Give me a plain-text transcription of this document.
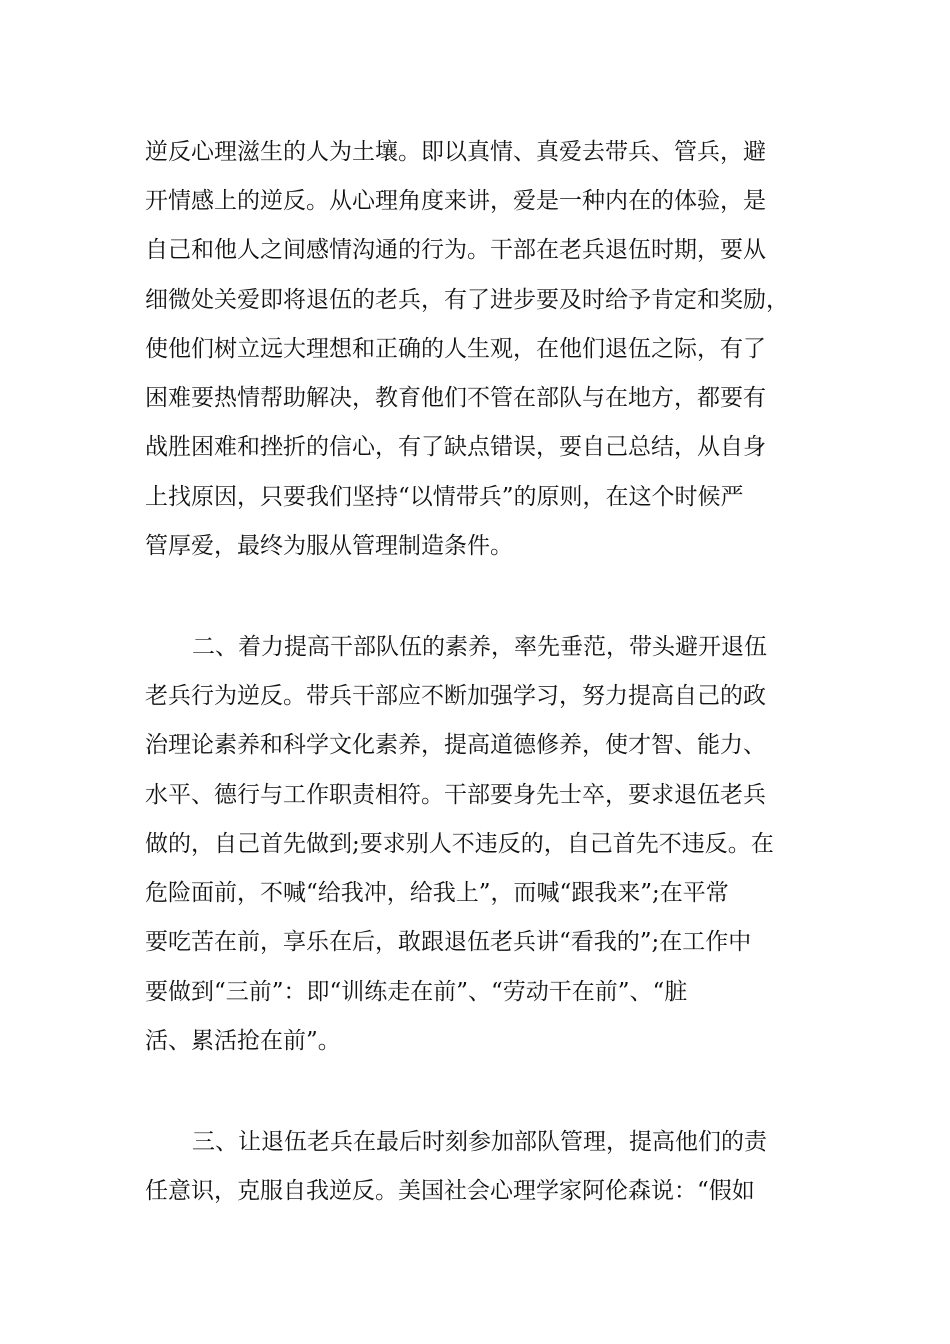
逆反心理滋生的人为土壤。即以真情、真爱去带兵、管兵，避
开情感上的逆反。从心理角度来讲，爱是一种内在的体验，是
自己和他人之间感情沟通的行为。干部在老兵退伍时期，要从
细微处关爱即将退伍的老兵，有了进步要及时给予肯定和奖励，
使他们树立远大理想和正确的人生观，在他们退伍之际，有了
困难要热情帮助解决，教育他们不管在部队与在地方，都要有
战胜困难和挫折的信心，有了缺点错误，要自己总结，从自身
上找原因，只要我们坚持“以情带兵”的原则，在这个时候严
管厚爱，最终为服从管理制造条件。
二、着力提高干部队伍的素养，率先垂范，带头避开退伍
老兵行为逆反。带兵干部应不断加强学习，努力提高自己的政
治理论素养和科学文化素养，提高道德修养，使才智、能力、
水平、德行与工作职责相符。干部要身先士卒，要求退伍老兵
做的，自己首先做到;要求别人不违反的，自己首先不违反。在
危险面前，不喊“给我冲，给我上”，而喊“跟我来”;在平常
要吃苦在前，享乐在后，敢跟退伍老兵讲“看我的”;在工作中
要做到“三前”：即“训练走在前”、“劳动干在前”、“脏
活、累活抢在前”。
三、让退伍老兵在最后时刻参加部队管理，提高他们的责
任意识，克服自我逆反。美国社会心理学家阿伦森说：“假如
